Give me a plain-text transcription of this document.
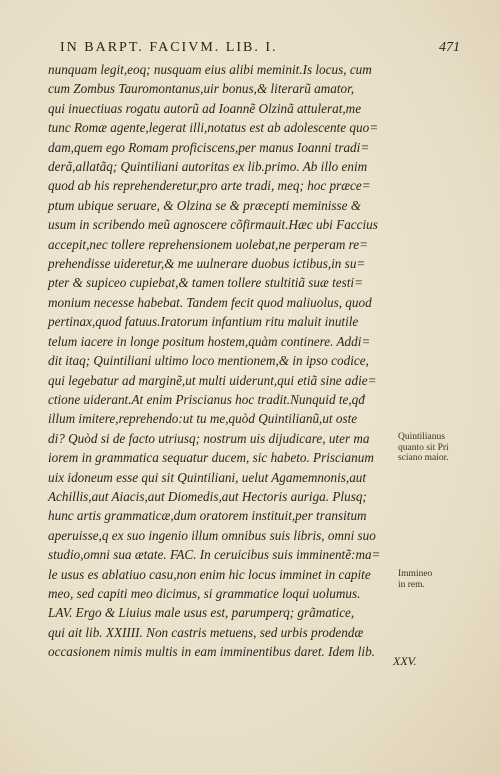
IN BARPT. FACIVM. LIB. I.	471
nunquam legit,eoq; nusquam eius alibi meminit.Is locus, cum
cum Zombus Tauromontanus,uir bonus,& literarũ amator,
qui inuectiuas rogatu autorũ ad Ioannẽ Olzinã attulerat,me
tunc Romæ agente,legerat illi,notatus est ab adolescente quo=
dam,quem ego Romam proficiscens,per manus Ioanni tradi=
derã,allatãq; Quintiliani autoritas ex lib.primo. Ab illo enim
quod ab his reprehenderetur,pro arte tradi, meq; hoc præce=
ptum ubique seruare, & Olzina se & præcepti meminisse &
usum in scribendo meũ agnoscere cõfirmauit.Hæc ubi Faccius
accepit,nec tollere reprehensionem uolebat,ne perperam re=
prehendisse uideretur,& me uulnerare duobus ictibus,in su=
pter & supiceo cupiebat,& tamen tollere stultitiã suæ testi=
monium necesse habebat. Tandem fecit quod maliuolus, quod
pertinax,quod fatuus.Iratorum infantium ritu maluit inutile
telum iacere in longe positum hostem,quàm continere. Addi=
dit itaq; Quintiliani ultimo loco mentionem,& in ipso codice,
qui legebatur ad marginẽ,ut multi uiderunt,qui etiã sine adie=
ctione uiderant.At enim Priscianus hoc tradit.Nunquid te,qđ
illum imitere,reprehendo:ut tu me,quòd Quintilianũ,ut oste
di? Quòd si de facto utriusq; nostrum uis dijudicare, uter ma
iorem in grammatica sequatur ducem, sic habeto. Priscianum
uix idoneum esse qui sit Quintiliani, uelut Agamemnonis,aut
Achillis,aut Aiacis,aut Diomedis,aut Hectoris auriga. Plusq;
hunc artis grammaticæ,dum oratorem instituit,per transitum
aperuisse,q ex suo ingenio illum omnibus suis libris, omni suo
studio,omni sua ætate. FAC. In ceruicibus suis imminentẽ:ma=
le usus es ablatiuo casu,non enim hic locus imminet in capite
meo, sed capiti meo dicimus, si grammatice loqui uolumus.
LAV. Ergo & Liuius male usus est, parumperq; grãmatice,
qui ait lib. XXIIII. Non castris metuens, sed urbis prodendæ
occasionem nimis multis in eam imminentibus daret. Idem lib.
Quintilianus
quanto sit Pri
sciano maior.
Immineo
in rem.
XXV.
